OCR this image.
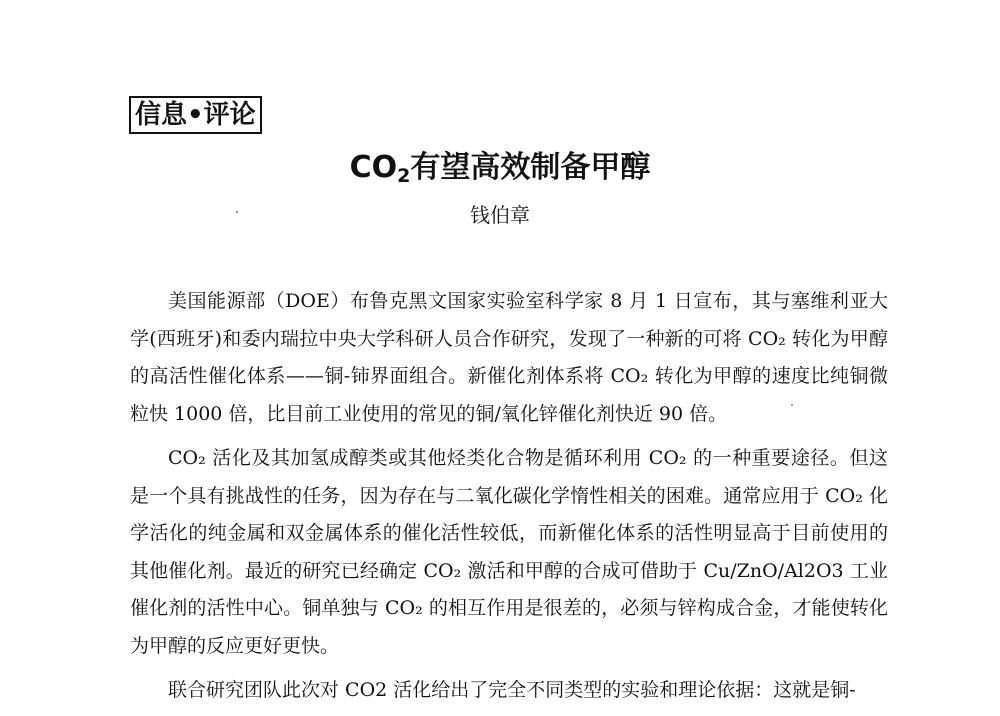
信息•评论
$CO_2$有望高效制备甲醇
钱伯章

美国能源部（DOE）布鲁克黑文国家实验室科学家 8 月 1 日宣布，其与塞维利亚大学(西班牙)和委内瑞拉中央大学科研人员合作研究，发现了一种新的可将 CO₂ 转化为甲醇的高活性催化体系——铜-铈界面组合。新催化剂体系将 CO₂ 转化为甲醇的速度比纯铜微粒快 1000 倍，比目前工业使用的常见的铜/氧化锌催化剂快近 90 倍。

CO₂ 活化及其加氢成醇类或其他烃类化合物是循环利用 CO₂ 的一种重要途径。但这是一个具有挑战性的任务，因为存在与二氧化碳化学惰性相关的困难。通常应用于 CO₂ 化学活化的纯金属和双金属体系的催化活性较低，而新催化体系的活性明显高于目前使用的其他催化剂。最近的研究已经确定 CO₂ 激活和甲醇的合成可借助于 Cu/ZnO/Al2O3 工业催化剂的活性中心。铜单独与 CO₂ 的相互作用是很差的，必须与锌构成合金，才能使转化为甲醇的反应更好更快。

联合研究团队此次对 CO2 活化给出了完全不同类型的实验和理论依据：这就是铜-
